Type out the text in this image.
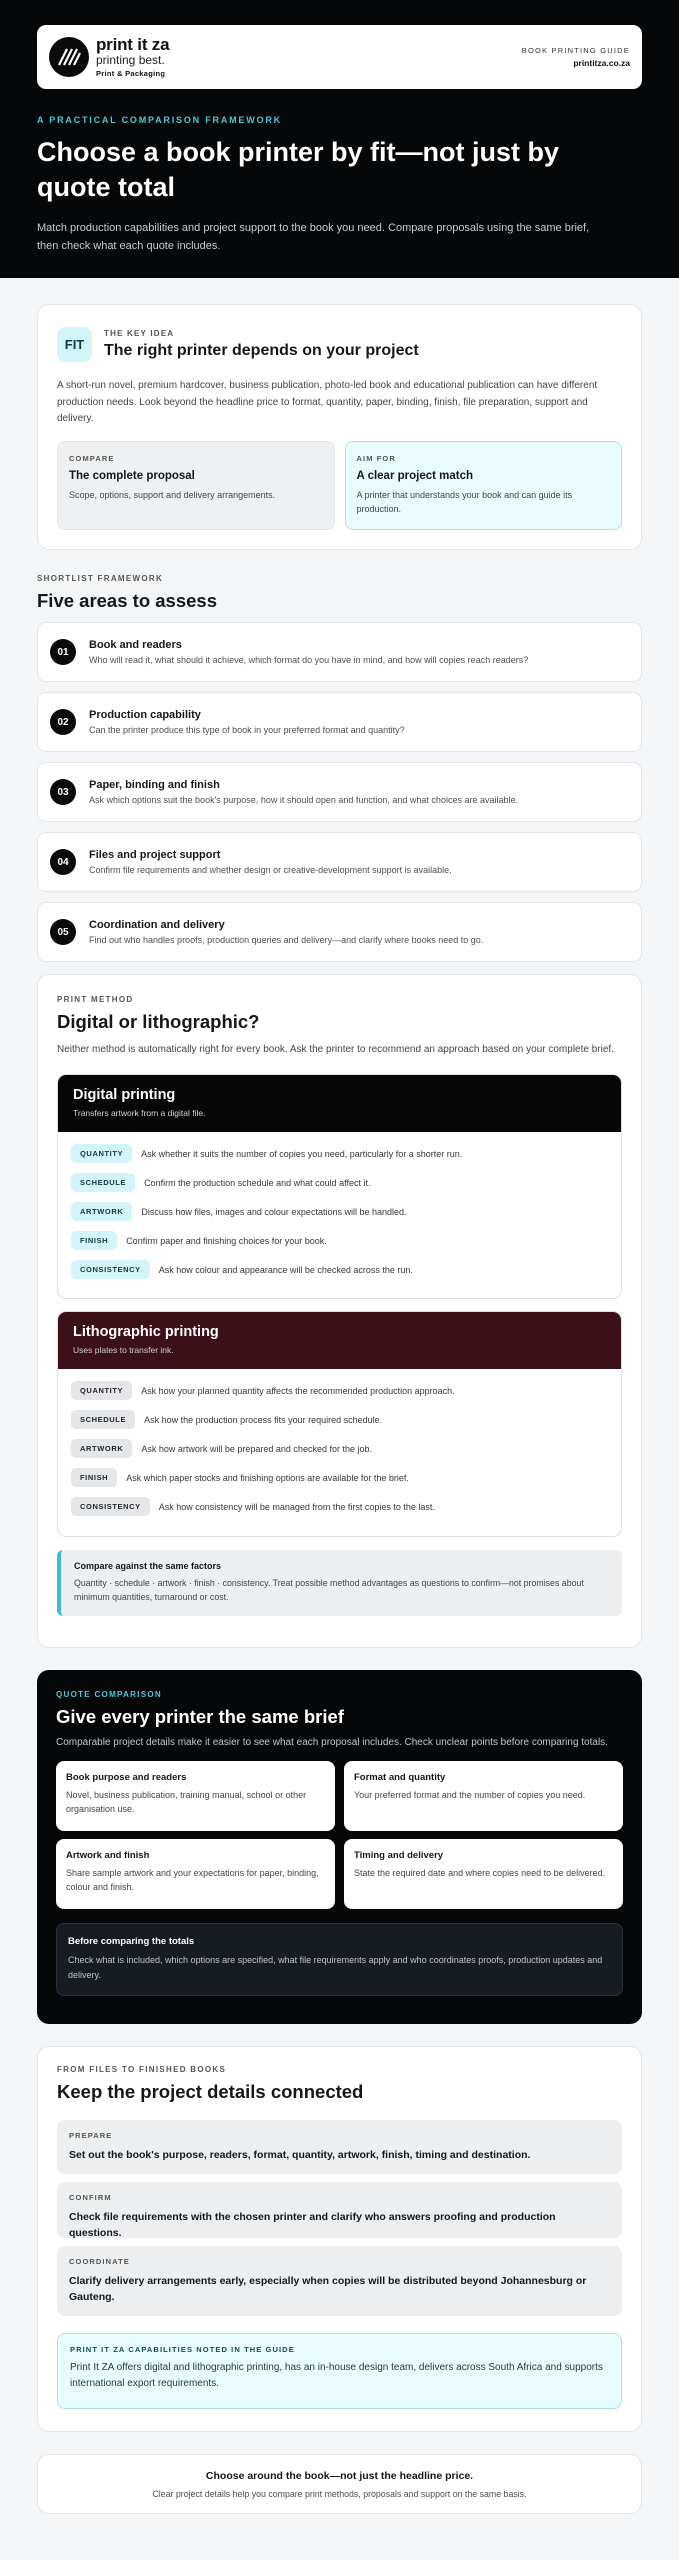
print it za
printing best.
Print & Packaging
BOOK PRINTING GUIDE
printitza.co.za
A PRACTICAL COMPARISON FRAMEWORK
Choose a book printer by fit—not just by quote total

Match production capabilities and project support to the book you need. Compare proposals using the same brief, then check what each quote includes.

FIT
THE KEY IDEA
The right printer depends on your project

A short-run novel, premium hardcover, business publication, photo-led book and educational publication can have different production needs. Look beyond the headline price to format, quantity, paper, binding, finish, file preparation, support and delivery.

COMPARE
The complete proposal
Scope, options, support and delivery arrangements.
AIM FOR
A clear project match
A printer that understands your book and can guide its production.
SHORTLIST FRAMEWORK
Five areas to assess
01
Book and readers
Who will read it, what should it achieve, which format do you have in mind, and how will copies reach readers?
02
Production capability
Can the printer produce this type of book in your preferred format and quantity?
03
Paper, binding and finish
Ask which options suit the book's purpose, how it should open and function, and what choices are available.
04
Files and project support
Confirm file requirements and whether design or creative-development support is available.
05
Coordination and delivery
Find out who handles proofs, production queries and delivery—and clarify where books need to go.
PRINT METHOD
Digital or lithographic?

Neither method is automatically right for every book. Ask the printer to recommend an approach based on your complete brief.

Digital printing
Transfers artwork from a digital file.
QUANTITY	Ask whether it suits the number of copies you need, particularly for a shorter run.
SCHEDULE	Confirm the production schedule and what could affect it.
ARTWORK	Discuss how files, images and colour expectations will be handled.
FINISH	Confirm paper and finishing choices for your book.
CONSISTENCY	Ask how colour and appearance will be checked across the run.
Lithographic printing
Uses plates to transfer ink.
QUANTITY	Ask how your planned quantity affects the recommended production approach.
SCHEDULE	Ask how the production process fits your required schedule.
ARTWORK	Ask how artwork will be prepared and checked for the job.
FINISH	Ask which paper stocks and finishing options are available for the brief.
CONSISTENCY	Ask how consistency will be managed from the first copies to the last.
Compare against the same factors
Quantity · schedule · artwork · finish · consistency. Treat possible method advantages as questions to confirm—not promises about minimum quantities, turnaround or cost.
QUOTE COMPARISON
Give every printer the same brief
Comparable project details make it easier to see what each proposal includes. Check unclear points before comparing totals.
Book purpose and readers
Novel, business publication, training manual, school or other organisation use.
Format and quantity
Your preferred format and the number of copies you need.
Artwork and finish
Share sample artwork and your expectations for paper, binding, colour and finish.
Timing and delivery
State the required date and where copies need to be delivered.
Before comparing the totals
Check what is included, which options are specified, what file requirements apply and who coordinates proofs, production updates and delivery.
FROM FILES TO FINISHED BOOKS
Keep the project details connected
PREPARE
Set out the book's purpose, readers, format, quantity, artwork, finish, timing and destination.
CONFIRM
Check file requirements with the chosen printer and clarify who answers proofing and production questions.
COORDINATE
Clarify delivery arrangements early, especially when copies will be distributed beyond Johannesburg or Gauteng.
PRINT IT ZA CAPABILITIES NOTED IN THE GUIDE
Print It ZA offers digital and lithographic printing, has an in-house design team, delivers across South Africa and supports international export requirements.
Choose around the book—not just the headline price.
Clear project details help you compare print methods, proposals and support on the same basis.
